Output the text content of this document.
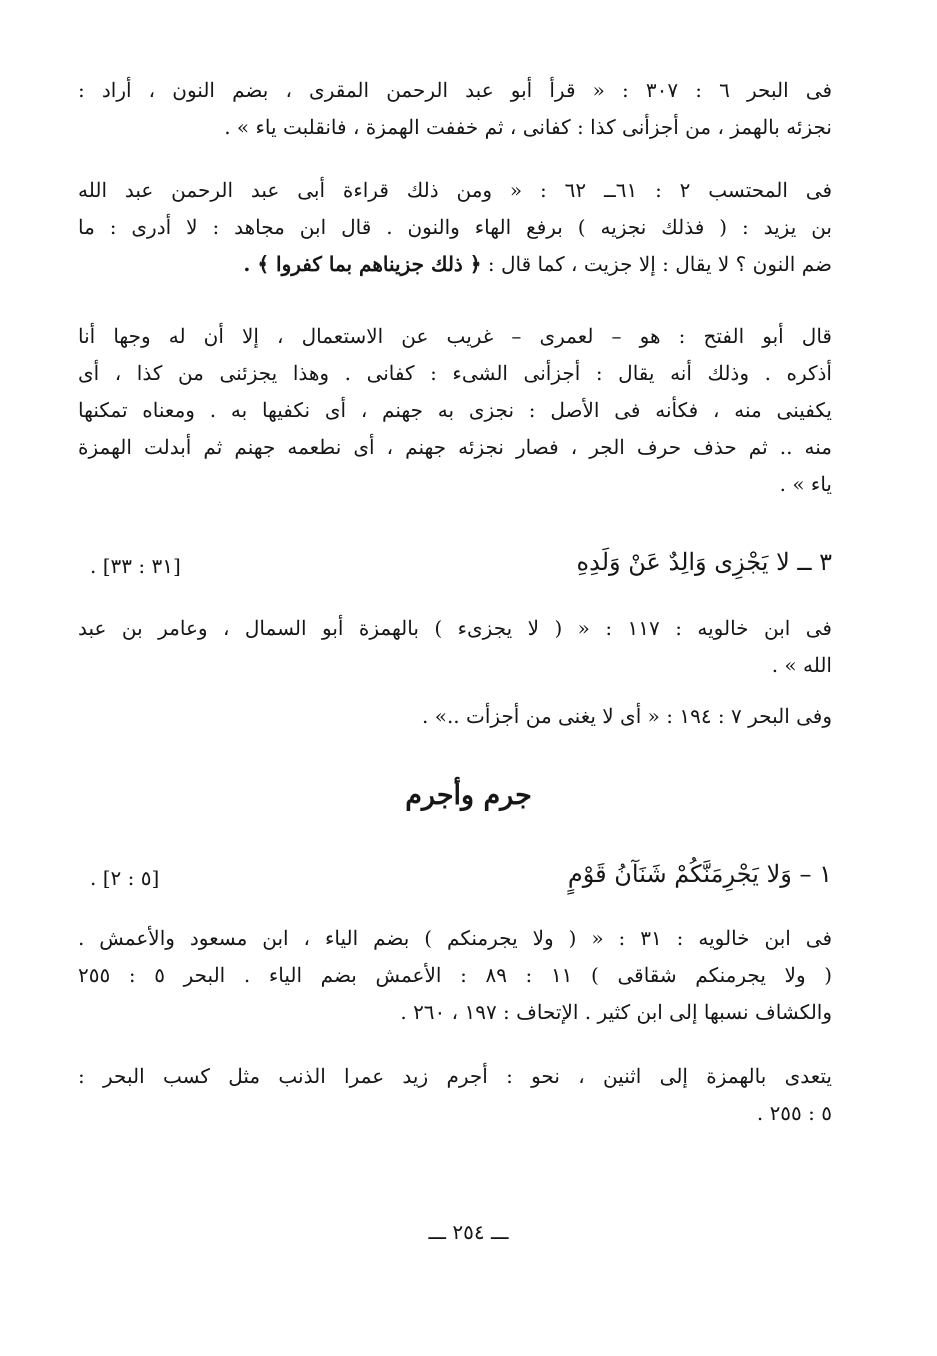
فى البحر ٦ : ٣٠٧ : « قرأ أبو عبد الرحمن المقرى ، بضم النون ، أراد :
نجزئه بالهمز ، من أجزأنى كذا : كفانى ، ثم خففت الهمزة ، فانقلبت ياء » .
فى المحتسب ٢ : ٦١ــ ٦٢ : « ومن ذلك قراءة أبى عبد الرحمن عبد الله
بن يزيد : ( فذلك نجزيه ) برفع الهاء والنون . قال ابن مجاهد : لا أدرى : ما
ضم النون ؟ لا يقال : إلا جزيت ، كما قال : ﴿ ذلك جزيناهم بما كفروا ﴾ .
قال أبو الفتح : هو – لعمرى – غريب عن الاستعمال ، إلا أن له وجها أنا
أذكره . وذلك أنه يقال : أجزأنى الشىء : كفانى . وهذا يجزئنى من كذا ، أى
يكفينى منه ، فكأنه فى الأصل : نجزى به جهنم ، أى نكفيها به . ومعناه تمكنها
منه .. ثم حذف حرف الجر ، فصار نجزئه جهنم ، أى نطعمه جهنم ثم أبدلت الهمزة
ياء » .
٣ ــ لا يَجْزِى وَالِدٌ عَنْ وَلَدِهِ
[٣١ : ٣٣] .
فى ابن خالويه : ١١٧ : « ( لا يجزىء ) بالهمزة أبو السمال ، وعامر بن عبد
الله » .
وفى البحر ٧ : ١٩٤ : « أى لا يغنى من أجزأت ..» .
جرم وأجرم
١ – وَلا يَجْرِمَنَّكُمْ شَنَآنُ قَوْمٍ
[٥ : ٢] .
فى ابن خالويه : ٣١ : « ( ولا يجرمنكم ) بضم الياء ، ابن مسعود والأعمش .
( ولا يجرمنكم شقاقى ) ١١ : ٨٩ : الأعمش بضم الياء . البحر ٥ : ٢٥٥
والكشاف نسبها إلى ابن كثير . الإتحاف : ١٩٧ ، ٢٦٠ .
يتعدى بالهمزة إلى اثنين ، نحو : أجرم زيد عمرا الذنب مثل كسب البحر :
٥ : ٢٥٥ .
ـــ ٢٥٤ ـــ
